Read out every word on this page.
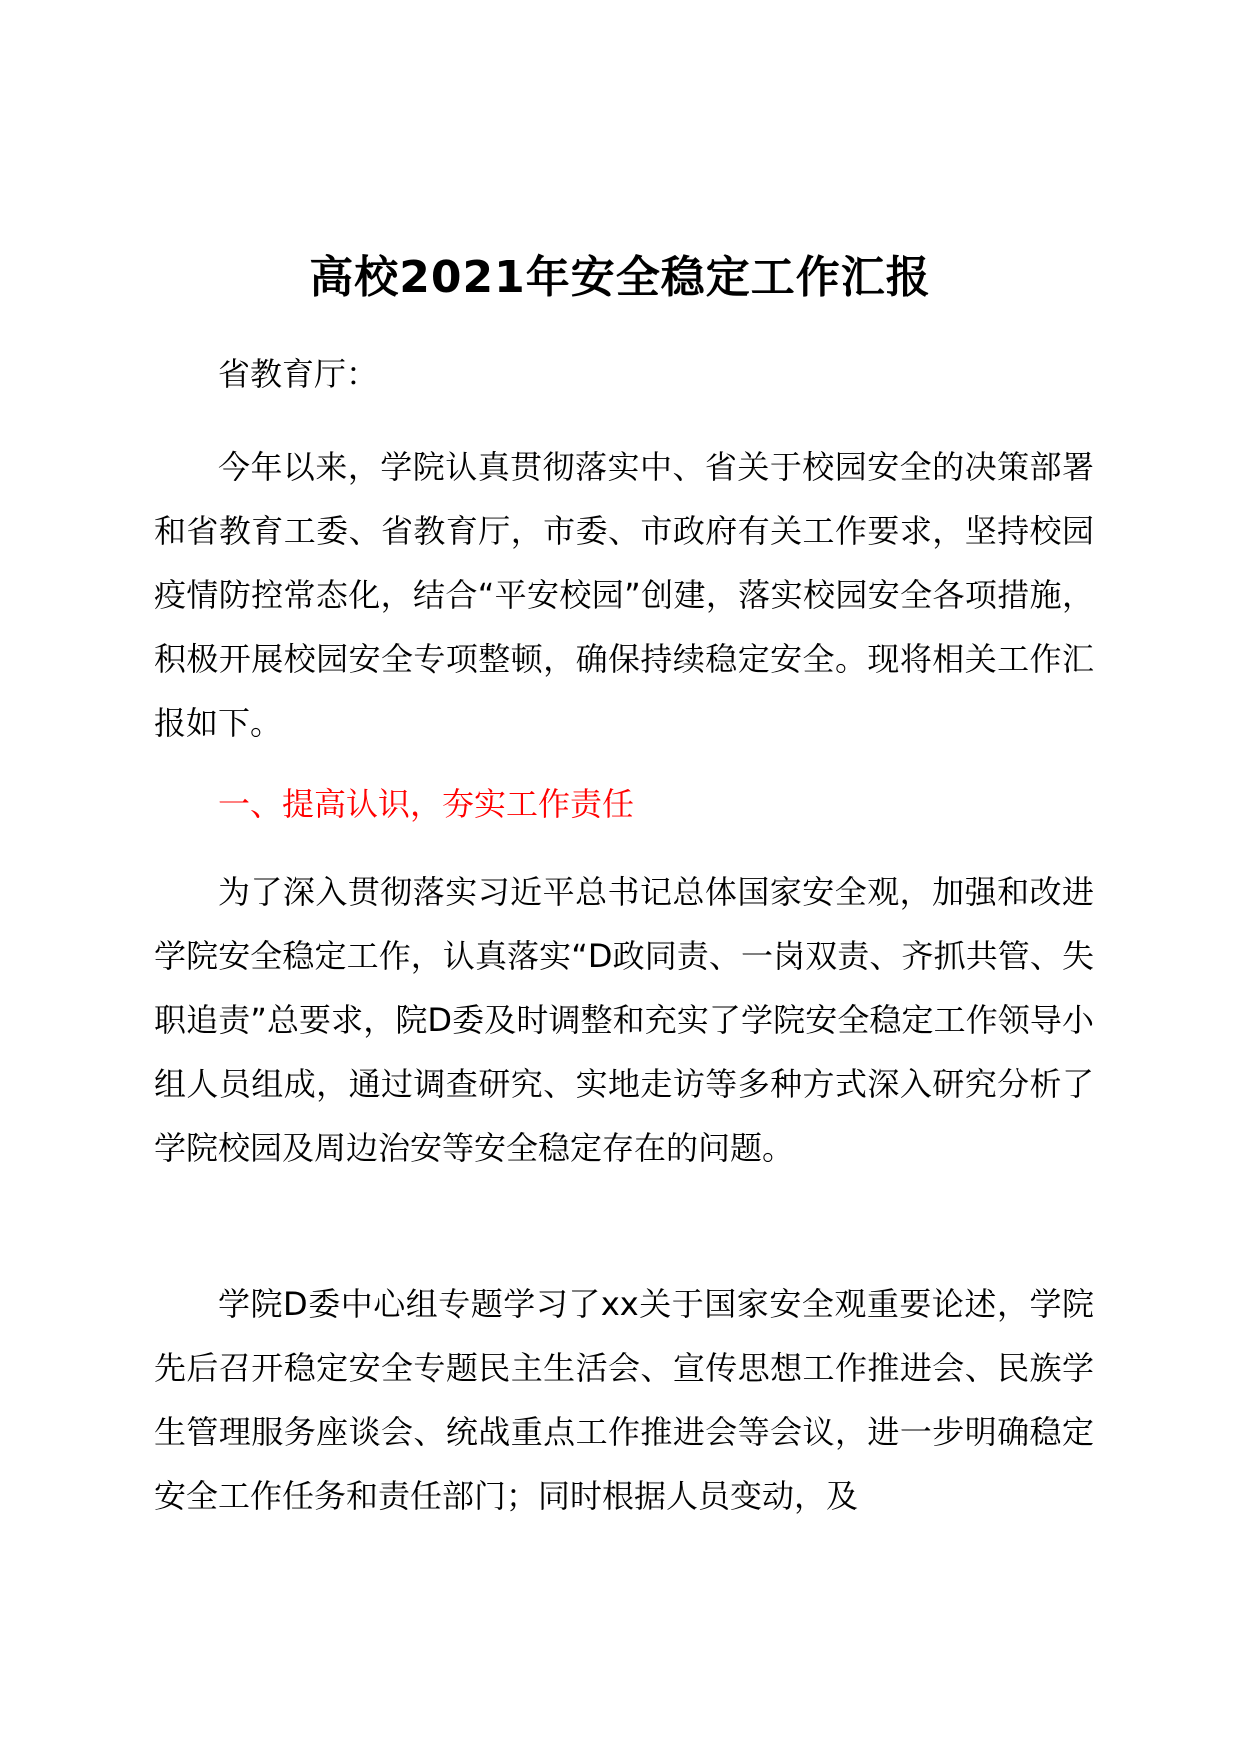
高校2021年安全稳定工作汇报
省教育厅：
今年以来，学院认真贯彻落实中、省关于校园安全的决策部署和省教育工委、省教育厅，市委、市政府有关工作要求，坚持校园疫情防控常态化，结合“平安校园”创建，落实校园安全各项措施，积极开展校园安全专项整顿，确保持续稳定安全。现将相关工作汇报如下。
一、提高认识，夯实工作责任
为了深入贯彻落实习近平总书记总体国家安全观，加强和改进学院安全稳定工作，认真落实“D政同责、一岗双责、齐抓共管、失职追责”总要求，院D委及时调整和充实了学院安全稳定工作领导小组人员组成，通过调查研究、实地走访等多种方式深入研究分析了学院校园及周边治安等安全稳定存在的问题。
学院D委中心组专题学习了xx关于国家安全观重要论述，学院先后召开稳定安全专题民主生活会、宣传思想工作推进会、民族学生管理服务座谈会、统战重点工作推进会等会议，进一步明确稳定安全工作任务和责任部门；同时根据人员变动，及
